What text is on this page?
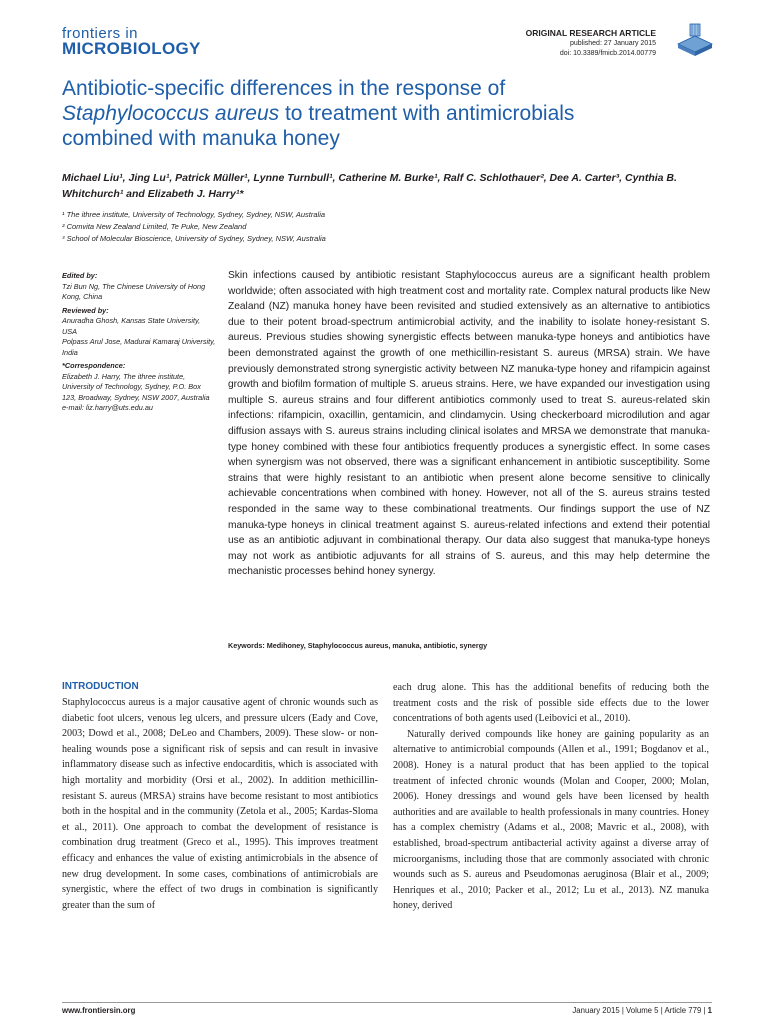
frontiers in
MICROBIOLOGY
ORIGINAL RESEARCH ARTICLE
published: 27 January 2015
doi: 10.3389/fmicb.2014.00779
Antibiotic-specific differences in the response of
Staphylococcus aureus to treatment with antimicrobials
combined with manuka honey
Michael Liu¹, Jing Lu¹, Patrick Müller¹, Lynne Turnbull¹, Catherine M. Burke¹, Ralf C. Schlothauer², Dee A. Carter³, Cynthia B. Whitchurch¹ and Elizabeth J. Harry¹*
¹ The ithree institute, University of Technology, Sydney, Sydney, NSW, Australia
² Comvita New Zealand Limited, Te Puke, New Zealand
³ School of Molecular Bioscience, University of Sydney, Sydney, NSW, Australia

Edited by:

Tzi Bun Ng, The Chinese University of Hong Kong, China

Reviewed by:

Anuradha Ghosh, Kansas State University, USA

Polpass Arul Jose, Madurai Kamaraj University, India

*Correspondence:

Elizabeth J. Harry, The ithree institute, University of Technology, Sydney, P.O. Box 123, Broadway, Sydney, NSW 2007, Australia

e-mail: liz.harry@uts.edu.au

Skin infections caused by antibiotic resistant Staphylococcus aureus are a significant health problem worldwide; often associated with high treatment cost and mortality rate. Complex natural products like New Zealand (NZ) manuka honey have been revisited and studied extensively as an alternative to antibiotics due to their potent broad-spectrum antimicrobial activity, and the inability to isolate honey-resistant S. aureus. Previous studies showing synergistic effects between manuka-type honeys and antibiotics have been demonstrated against the growth of one methicillin-resistant S. aureus (MRSA) strain. We have previously demonstrated strong synergistic activity between NZ manuka-type honey and rifampicin against growth and biofilm formation of multiple S. arueus strains. Here, we have expanded our investigation using multiple S. aureus strains and four different antibiotics commonly used to treat S. aureus-related skin infections: rifampicin, oxacillin, gentamicin, and clindamycin. Using checkerboard microdilution and agar diffusion assays with S. aureus strains including clinical isolates and MRSA we demonstrate that manuka-type honey combined with these four antibiotics frequently produces a synergistic effect. In some cases when synergism was not observed, there was a significant enhancement in antibiotic susceptibility. Some strains that were highly resistant to an antibiotic when present alone become sensitive to clinically achievable concentrations when combined with honey. However, not all of the S. aureus strains tested responded in the same way to these combinational treatments. Our findings support the use of NZ manuka-type honeys in clinical treatment against S. aureus-related infections and extend their potential use as an antibiotic adjuvant in combinational therapy. Our data also suggest that manuka-type honeys may not work as antibiotic adjuvants for all strains of S. aureus, and this may help determine the mechanistic processes behind honey synergy.

Keywords: Medihoney, Staphylococcus aureus, manuka, antibiotic, synergy
INTRODUCTION

Staphylococcus aureus is a major causative agent of chronic wounds such as diabetic foot ulcers, venous leg ulcers, and pressure ulcers (Eady and Cove, 2003; Dowd et al., 2008; DeLeo and Chambers, 2009). These slow- or non-healing wounds pose a significant risk of sepsis and can result in invasive inflammatory disease such as infective endocarditis, which is associated with high mortality and morbidity (Orsi et al., 2002). In addition methicillin-resistant S. aureus (MRSA) strains have become resistant to most antibiotics both in the hospital and in the community (Zetola et al., 2005; Kardas-Sloma et al., 2011). One approach to combat the development of resistance is combination drug treatment (Greco et al., 1995). This improves treatment efficacy and enhances the value of existing antimicrobials in the absence of new drug development. In some cases, combinations of antimicrobials are synergistic, where the effect of two drugs in combination is significantly greater than the sum of

each drug alone. This has the additional benefits of reducing both the treatment costs and the risk of possible side effects due to the lower concentrations of both agents used (Leibovici et al., 2010).

Naturally derived compounds like honey are gaining popularity as an alternative to antimicrobial compounds (Allen et al., 1991; Bogdanov et al., 2008). Honey is a natural product that has been applied to the topical treatment of infected chronic wounds (Molan and Cooper, 2000; Molan, 2006). Honey dressings and wound gels have been licensed by health authorities and are available to health professionals in many countries. Honey has a complex chemistry (Adams et al., 2008; Mavric et al., 2008), with established, broad-spectrum antibacterial activity against a diverse array of microorganisms, including those that are commonly associated with chronic wounds such as S. aureus and Pseudomonas aeruginosa (Blair et al., 2009; Henriques et al., 2010; Packer et al., 2012; Lu et al., 2013). NZ manuka honey, derived

www.frontiersin.org	January 2015 | Volume 5 | Article 779 | 1
